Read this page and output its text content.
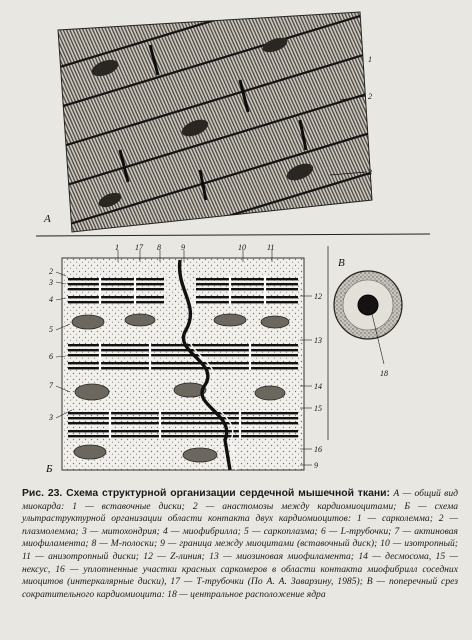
1
2
3
А
1 17 8	9	10	11
2
3
4
5
6
7
3
12
13
14
15
16
9
Б
18
В
Рис. 23. Схема структурной организации сердечной мышечной ткани: А — общий вид миокарда: 1 — вставочные диски; 2 — анастомозы между кардиомиоцитами; Б — схема ультраструктурной организации области контакта двух кардиомиоцитов: 1 — сарколемма; 2 — плазмолемма; 3 — митохондрия; 4 — миофибрилла; 5 — саркоплазма; 6 — L-трубочки; 7 — актиновая миофиламента; 8 — М-полоски; 9 — граница между миоцитами (вставочный диск); 10 — изотропный; 11 — анизотропный диски; 12 — Z-линия; 13 — миозиновая миофиламента; 14 — десмосома, 15 — нексус, 16 — уплотненные участки красных саркомеров в области контакта миофибрилл соседних миоцитов (интеркалярные диски), 17 — Т-трубочки (По А. А. Заварзину, 1985); В — поперечный срез сократительного кардиомиоцита: 18 — центральное расположение ядра
